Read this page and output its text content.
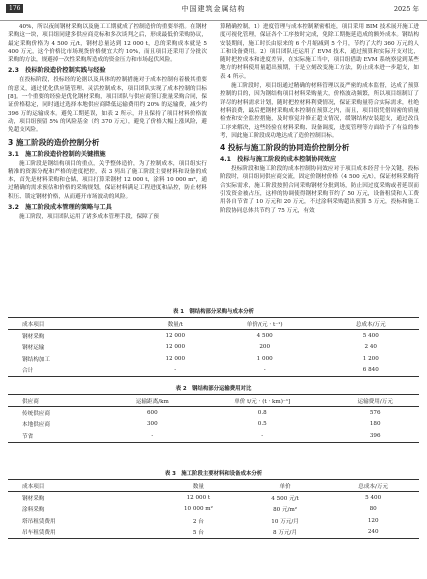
176	中国建筑金属结构	2025 年

40%，所以夜间钢材采购以及施工工期就成了控制造价的重要举措。在钢材采购这一块，项目组同建多供应商竞标和多次谈判之后，形成最低价采购协议，最定采购价格为 4 500 元/t，钢材总量达到 12 000 t，总的采购成本就是 5 400 万元，这个价格比市场现货价格便宜大约 10%，而且项目还采用了分批次采购的方法，规避掉一次性采购所造成的资金压力和市场起伏风险。

2.3　投标阶段造价控制实践与经验

在投标阶段，投标经的论据以及具体的控制措施对于成本控制有着极其重要的意义，通过优化供应链管理、灵活控制成本，项目团队实现了成本控制的目标[8]。一个重要的经验是优化钢材采购，项目团队与供应商签订批量采购合同，保证价格稳定，同时通过选择本地供应商降低运输费用约 20% 的运输费，减少约 396 万的运输成本。避免工期延误，如表 2 所示，并且保持了项目材料价格波动，项目组预留 5% 的风险基金（约 370 万元），避免了价格大幅上涨风险，避免超支风险。

3 施工阶段的造价控制分析
3.1　施工阶段造价控制的关键措施

施工阶段是钢结构项目的重点，关乎整体造价，为了控制成本，项目组实行精准的资源分配和严格的进度把控，表 3 列出了施工阶段主要材料和设备的成本，首先是材料采购和仓储，项目打算采钢材 12 000 t，涂料 10 000 m²，通过精确的需求预估和价格的采购规划，保证材料满足工程进度和品控，防止材料积压、锁定钢材价格，从而避开市场波动的风险。

3.2　施工阶段成本管理的策略与工具

施工阶段，项目团队运用了诸多成本管理手段，保障了预

算精确控制，1）进度管理与成本控制紧密相连，项目采用 BIM 技术展开施工进度可视化管理，保证各个工序按时完成，免除工期拖延造成的额外成本。钢结构安装期间，施工时长由原来的 6 个月缩减到 5 个月，节约了大约 360 万元的人工和设备费用。2）项目团队还运用了 EVM 技术，通过预算和实际开支对比，随时把控成本和进度差异，在实际施工当中，项目组借助 EVM 系统察觉到某些地方的材料使用量超出预期，于是立刻改变施工方法，防止成本进一步超支，如表 4 所示。

施工阶段时，项目组通过精确的材料管理以及严密的成本监督，达成了预算控制的目的，因为钢结构项目材料采购量大，价格波动频繁，所以项目组制订了详尽的材料需求计划，随时把控材料利费情况，保证采购量符合实际需求，杜绝材料浪费，最后把钢材采购成本控制在预算之内，而且，项目组凭借周密的质量检查和安全监控措施，及时察觉并修正超支情况，缓钢结构安装超支，通过改良工序来解决，这些经验在材料采购、设备调度，进度管理等方面给予了有益的参考，因此施工阶段成功地达成了造价控制目标。

4 投标与施工阶段的协同造价控制分析
4.1　投标与施工阶段的成本控制协同效应

投标阶段和施工阶段的成本控制协同效应对于项目成本经营十分关键，投标阶段时，项目组同供应商交流，固定价钢材价格（4 500 元/t），保证材料采购符合实际需求，施工阶段按照合同采购钢材分批到场，防止因过度采购或者延误而引发资金被占压，这样的协调使得钢材采购节约了 50 万元，设备租赁和人工费用各自节省了 10 万元和 20 万元，不过涂料采购超出预算 5 万元，投标和施工阶段协同总体共节约了 75 万元，有效

表 1　钢结构部分采购与成本分析
成本项目	数量/t	单价/(元 · t⁻¹)	总成本/万元
钢材采购	12 000	4 500	5 400
钢材运输	12 000	200	2 40
钢结构加工	12 000	1 000	1 200
合计	-	-	6 840
表 2　钢结构部分运输费用对比
供应商	运输距离/km	单价 t/元 · (t · km)⁻¹]	运输费用/万元
传统供应商	600	0.8	576
本地供应商	300	0.5	180
节省	-	-	396
表 3　施工阶段主要材料和设备成本分析
成本项目	数量	单价	总成本/万元
钢材采购	12 000 t	4 500 元/t	5 400
涂料采购	10 000 m²	80 元/m²	80
塔吊租赁费用	2 台	10 万元/月	120
吊车租赁费用	5 台	8 万元/月	240
